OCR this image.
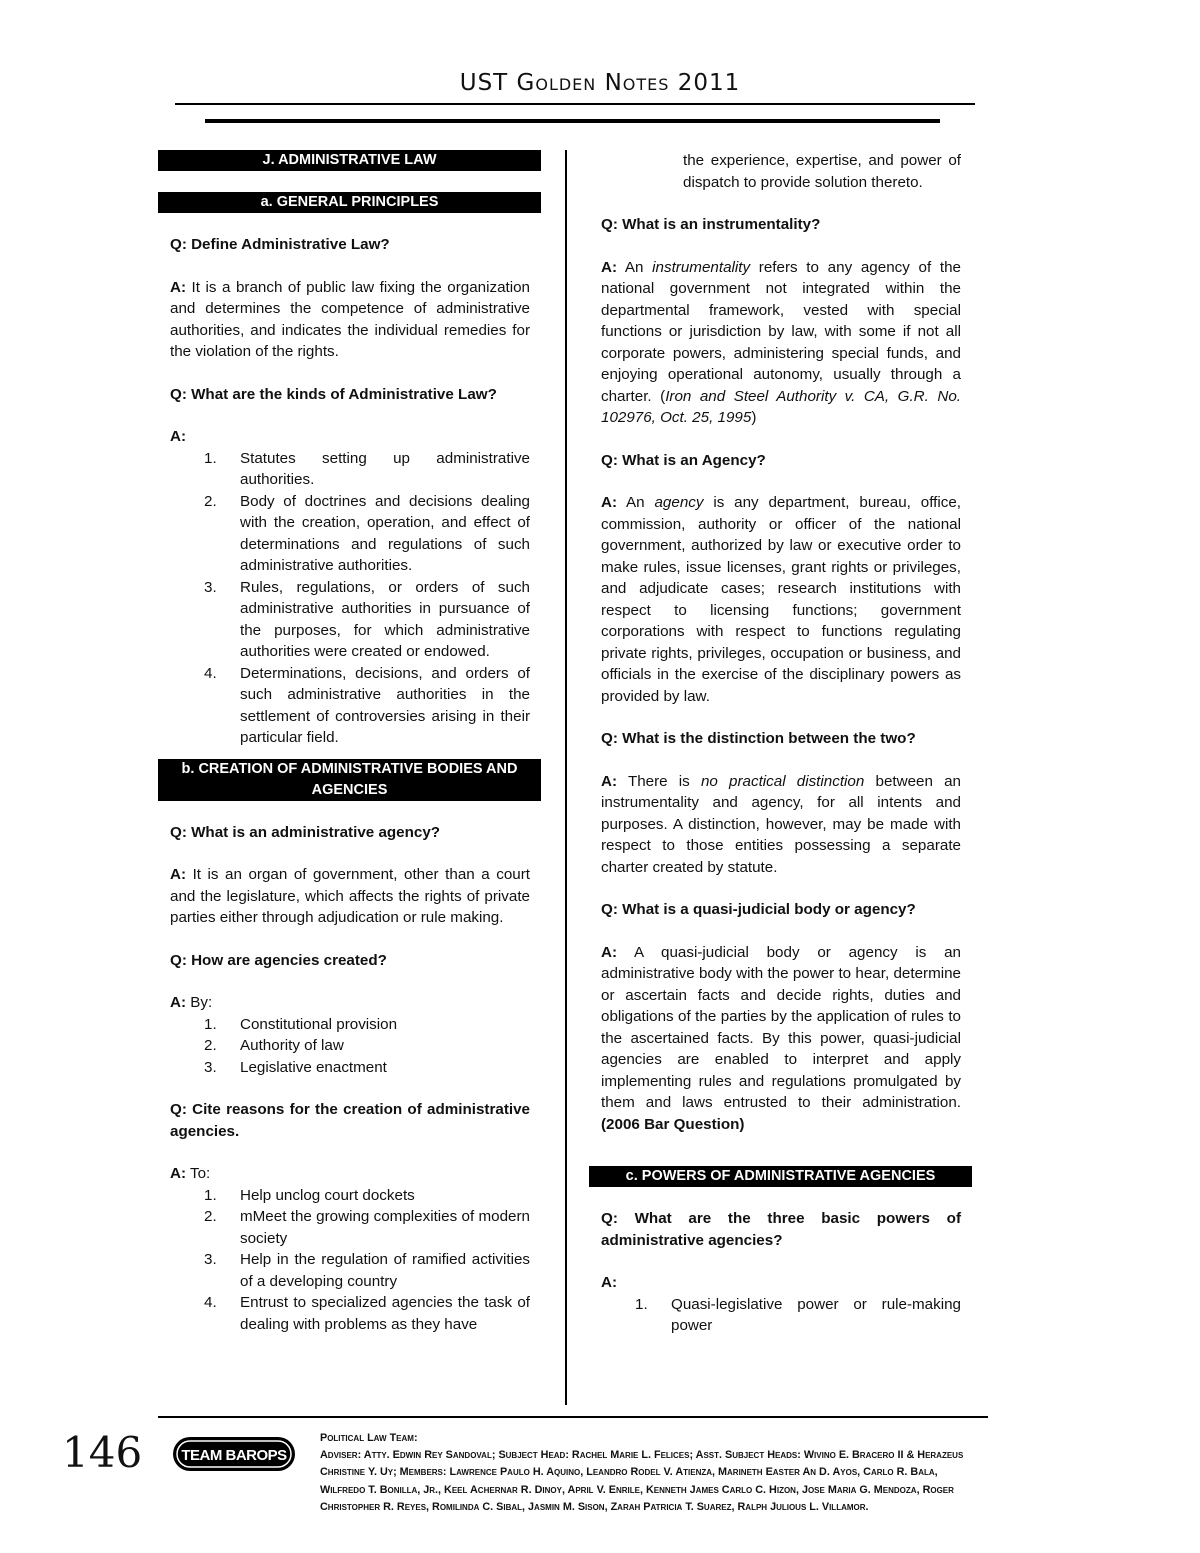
UST Golden Notes 2011
J. ADMINISTRATIVE LAW
a. GENERAL PRINCIPLES

Q: Define Administrative Law?

A: It is a branch of public law fixing the organization and determines the competence of administrative authorities, and indicates the individual remedies for the violation of the rights.

Q: What are the kinds of Administrative Law?

A:

1. Statutes setting up administrative authorities.
2. Body of doctrines and decisions dealing with the creation, operation, and effect of determinations and regulations of such administrative authorities.
3. Rules, regulations, or orders of such administrative authorities in pursuance of the purposes, for which administrative authorities were created or endowed.
4. Determinations, decisions, and orders of such administrative authorities in the settlement of controversies arising in their particular field.
b. CREATION OF ADMINISTRATIVE BODIES AND AGENCIES

Q: What is an administrative agency?

A: It is an organ of government, other than a court and the legislature, which affects the rights of private parties either through adjudication or rule making.

Q: How are agencies created?

A: By:

1. Constitutional provision
2. Authority of law
3. Legislative enactment

Q: Cite reasons for the creation of administrative agencies.

A: To:

1. Help unclog court dockets
2. mMeet the growing complexities of modern society
3. Help in the regulation of ramified activities of a developing country
4. Entrust to specialized agencies the task of dealing with problems as they have

the experience, expertise, and power of dispatch to provide solution thereto.

Q: What is an instrumentality?

A: An instrumentality refers to any agency of the national government not integrated within the departmental framework, vested with special functions or jurisdiction by law, with some if not all corporate powers, administering special funds, and enjoying operational autonomy, usually through a charter. (Iron and Steel Authority v. CA, G.R. No. 102976, Oct. 25, 1995)

Q: What is an Agency?

A: An agency is any department, bureau, office, commission, authority or officer of the national government, authorized by law or executive order to make rules, issue licenses, grant rights or privileges, and adjudicate cases; research institutions with respect to licensing functions; government corporations with respect to functions regulating private rights, privileges, occupation or business, and officials in the exercise of the disciplinary powers as provided by law.

Q: What is the distinction between the two?

A: There is no practical distinction between an instrumentality and agency, for all intents and purposes. A distinction, however, may be made with respect to those entities possessing a separate charter created by statute.

Q: What is a quasi-judicial body or agency?

A: A quasi-judicial body or agency is an administrative body with the power to hear, determine or ascertain facts and decide rights, duties and obligations of the parties by the application of rules to the ascertained facts. By this power, quasi-judicial agencies are enabled to interpret and apply implementing rules and regulations promulgated by them and laws entrusted to their administration. (2006 Bar Question)

c. POWERS OF ADMINISTRATIVE AGENCIES

Q: What are the three basic powers of administrative agencies?

A:

1. Quasi-legislative power or rule-making power
146	TEAM BAROPS
Political Law Team:
Adviser: Atty. Edwin Rey Sandoval; Subject Head: Rachel Marie L. Felices; Asst. Subject Heads: Wivino E. Bracero II & Herazeus Christine Y. Uy; Members: Lawrence Paulo H. Aquino, Leandro Rodel V. Atienza, Marineth Easter An D. Ayos, Carlo R. Bala, Wilfredo T. Bonilla, Jr., Keel Achernar R. Dinoy, April V. Enrile, Kenneth James Carlo C. Hizon, Jose Maria G. Mendoza, Roger Christopher R. Reyes, Romilinda C. Sibal, Jasmin M. Sison, Zarah Patricia T. Suarez, Ralph Julious L. Villamor.
